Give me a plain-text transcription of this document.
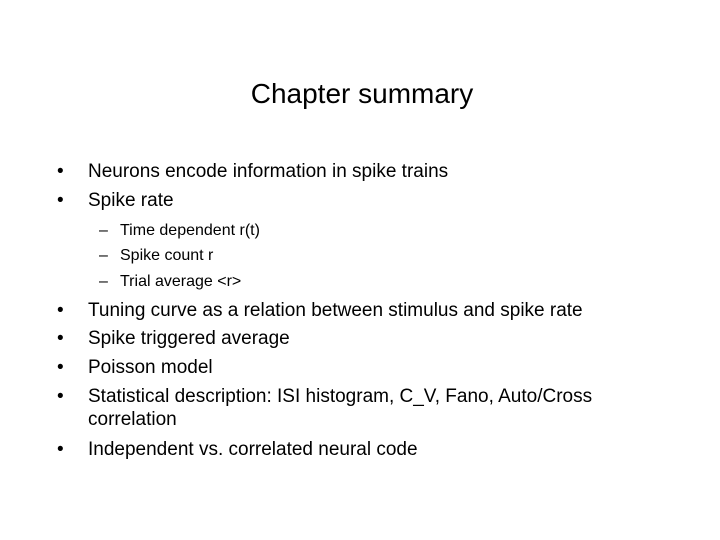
Chapter summary
•	Neurons encode information in spike trains
•	Spike rate
– Time dependent r(t)
– Spike count r
– Trial average <r>
•	Tuning curve as a relation between stimulus and spike rate
•	Spike triggered average
•	Poisson model
•	Statistical description: ISI histogram, C_V, Fano, Auto/Cross correlation
•	Independent vs. correlated neural code
